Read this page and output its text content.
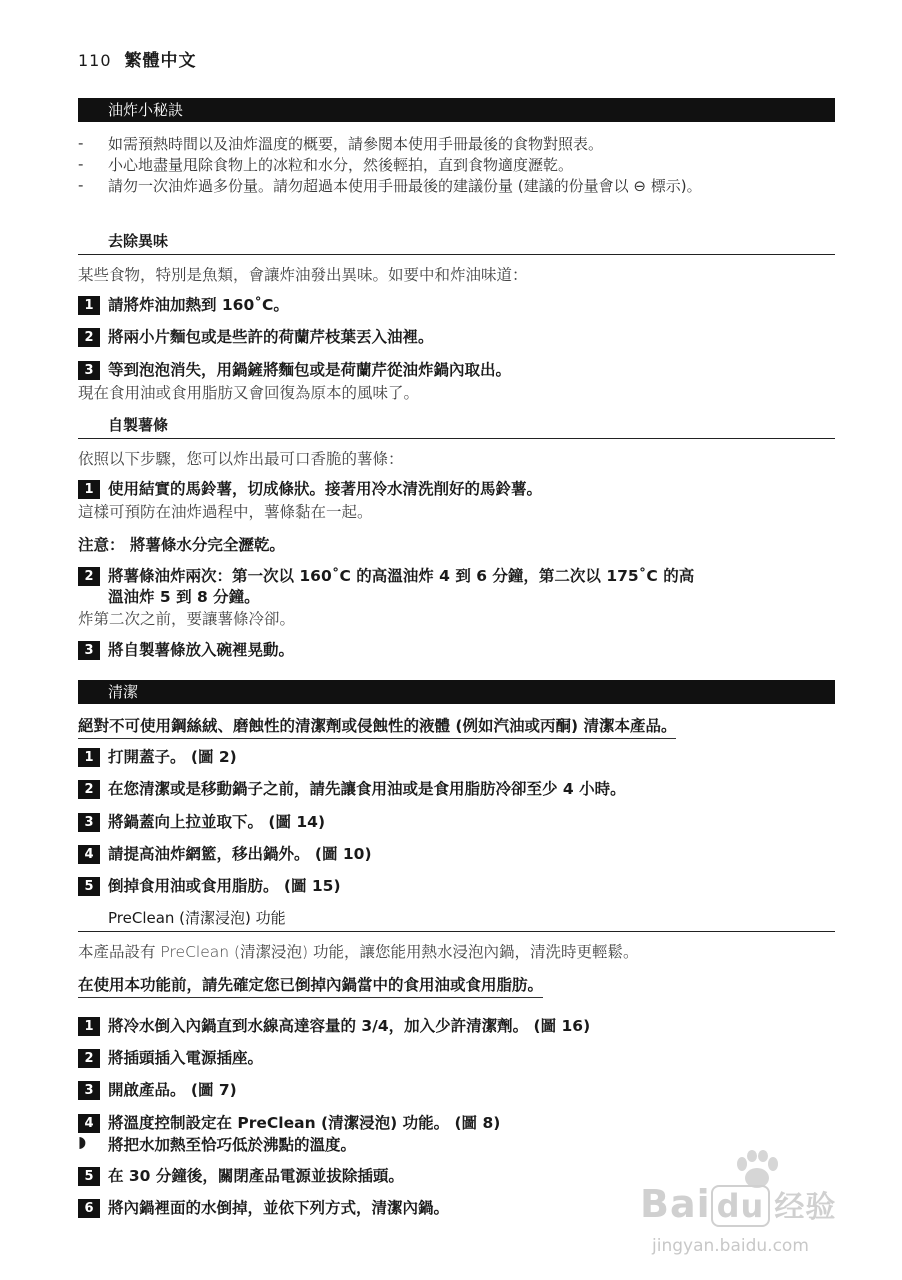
110 繁體中文
油炸小秘訣
- 如需預熱時間以及油炸溫度的概要，請參閱本使用手冊最後的食物對照表。
- 小心地盡量甩除食物上的冰粒和水分，然後輕拍，直到食物適度瀝乾。
- 請勿一次油炸過多份量。請勿超過本使用手冊最後的建議份量 (建議的份量會以 ⊖ 標示)。
去除異味
某些食物，特別是魚類，會讓炸油發出異味。如要中和炸油味道：
1 請將炸油加熱到 160˚C。
2 將兩小片麵包或是些許的荷蘭芹枝葉丟入油裡。
3 等到泡泡消失，用鍋鏟將麵包或是荷蘭芹從油炸鍋內取出。
現在食用油或食用脂肪又會回復為原本的風味了。
自製薯條
依照以下步驟，您可以炸出最可口香脆的薯條：
1 使用結實的馬鈴薯，切成條狀。接著用冷水清洗削好的馬鈴薯。
這樣可預防在油炸過程中，薯條黏在一起。
注意： 將薯條水分完全瀝乾。
2 將薯條油炸兩次：第一次以 160˚C 的高溫油炸 4 到 6 分鐘，第二次以 175˚C 的高
溫油炸 5 到 8 分鐘。
炸第二次之前，要讓薯條冷卻。
3 將自製薯條放入碗裡晃動。
清潔
絕對不可使用鋼絲絨、磨蝕性的清潔劑或侵蝕性的液體 (例如汽油或丙酮) 清潔本產品。
1 打開蓋子。 (圖 2)
2 在您清潔或是移動鍋子之前，請先讓食用油或是食用脂肪冷卻至少 4 小時。
3 將鍋蓋向上拉並取下。 (圖 14)
4 請提高油炸網籃，移出鍋外。 (圖 10)
5 倒掉食用油或食用脂肪。 (圖 15)
PreClean (清潔浸泡) 功能
本產品設有 PreClean (清潔浸泡) 功能，讓您能用熱水浸泡內鍋，清洗時更輕鬆。
在使用本功能前，請先確定您已倒掉內鍋當中的食用油或食用脂肪。
1 將冷水倒入內鍋直到水線高達容量的 3/4，加入少許清潔劑。 (圖 16)
2 將插頭插入電源插座。
3 開啟產品。 (圖 7)
4 將溫度控制設定在 PreClean (清潔浸泡) 功能。 (圖 8)
◗ 將把水加熱至恰巧低於沸點的溫度。
5 在 30 分鐘後，關閉產品電源並拔除插頭。
6 將內鍋裡面的水倒掉，並依下列方式，清潔內鍋。	Bai du 经验
jingyan.baidu.com
